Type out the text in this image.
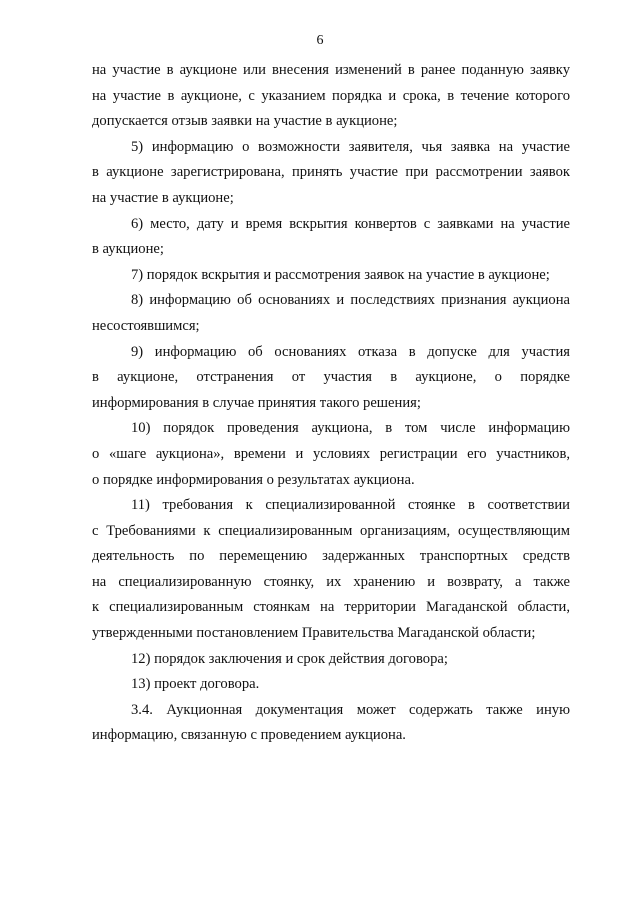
6
на участие в аукционе или внесения изменений в ранее поданную заявку
на участие в аукционе, с указанием порядка и срока, в течение которого
допускается отзыв заявки на участие в аукционе;
5) информацию о возможности заявителя, чья заявка на участие
в аукционе зарегистрирована, принять участие при рассмотрении заявок
на участие в аукционе;
6) место, дату и время вскрытия конвертов с заявками на участие
в аукционе;
7) порядок вскрытия и рассмотрения заявок на участие в аукционе;
8) информацию об основаниях и последствиях признания аукциона
несостоявшимся;
9) информацию об основаниях отказа в допуске для участия
в аукционе, отстранения от участия в аукционе, о порядке
информирования в случае принятия такого решения;
10) порядок проведения аукциона, в том числе информацию
о «шаге аукциона», времени и условиях регистрации его участников,
о порядке информирования о результатах аукциона.
11) требования к специализированной стоянке в соответствии
с Требованиями к специализированным организациям, осуществляющим
деятельность по перемещению задержанных транспортных средств
на специализированную стоянку, их хранению и возврату, а также
к специализированным стоянкам на территории Магаданской области,
утвержденными постановлением Правительства Магаданской области;
12) порядок заключения и срок действия договора;
13) проект договора.
3.4. Аукционная документация может содержать также иную
информацию, связанную с проведением аукциона.
